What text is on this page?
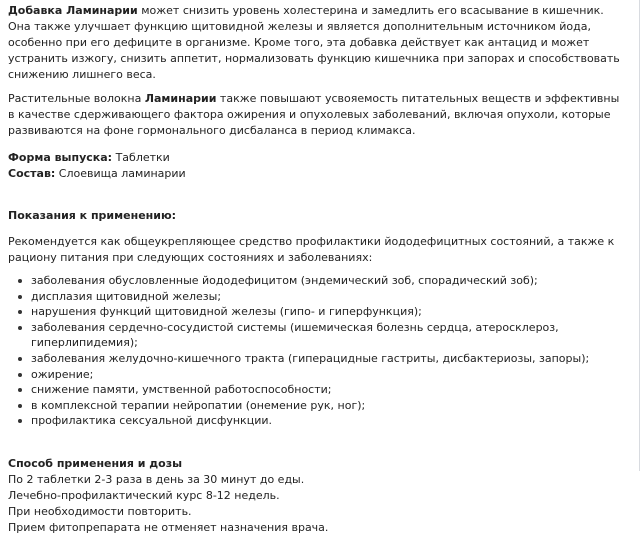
Добавка Ламинарии может снизить уровень холестерина и замедлить его всасывание в кишечник. Она также улучшает функцию щитовидной железы и является дополнительным источником йода, особенно при его дефиците в организме. Кроме того, эта добавка действует как антацид и может устранить изжогу, снизить аппетит, нормализовать функцию кишечника при запорах и способствовать снижению лишнего веса.

Растительные волокна Ламинарии также повышают усвояемость питательных веществ и эффективны в качестве сдерживающего фактора ожирения и опухолевых заболеваний, включая опухоли, которые развиваются на фоне гормонального дисбаланса в период климакса.

Форма выпуска: Таблетки

Состав: Слоевища ламинарии

Показания к применению:

Рекомендуется как общеукрепляющее средство профилактики йододефицитных состояний, а также к рациону питания при следующих состояниях и заболеваниях:

заболевания обусловленные йододефицитом (эндемический зоб, спорадический зоб);
дисплазия щитовидной железы;
нарушения функций щитовидной железы (гипо- и гиперфункция);
заболевания сердечно-сосудистой системы (ишемическая болезнь сердца, атеросклероз, гиперлипидемия);
заболевания желудочно-кишечного тракта (гиперацидные гастриты, дисбактериозы, запоры);
ожирение;
снижение памяти, умственной работоспособности;
в комплексной терапии нейропатии (онемение рук, ног);
профилактика сексуальной дисфункции.

Способ применения и дозы

По 2 таблетки 2-3 раза в день за 30 минут до еды.
Лечебно-профилактический курс 8-12 недель.
При необходимости повторить.
Прием фитопрепарата не отменяет назначения врача.
